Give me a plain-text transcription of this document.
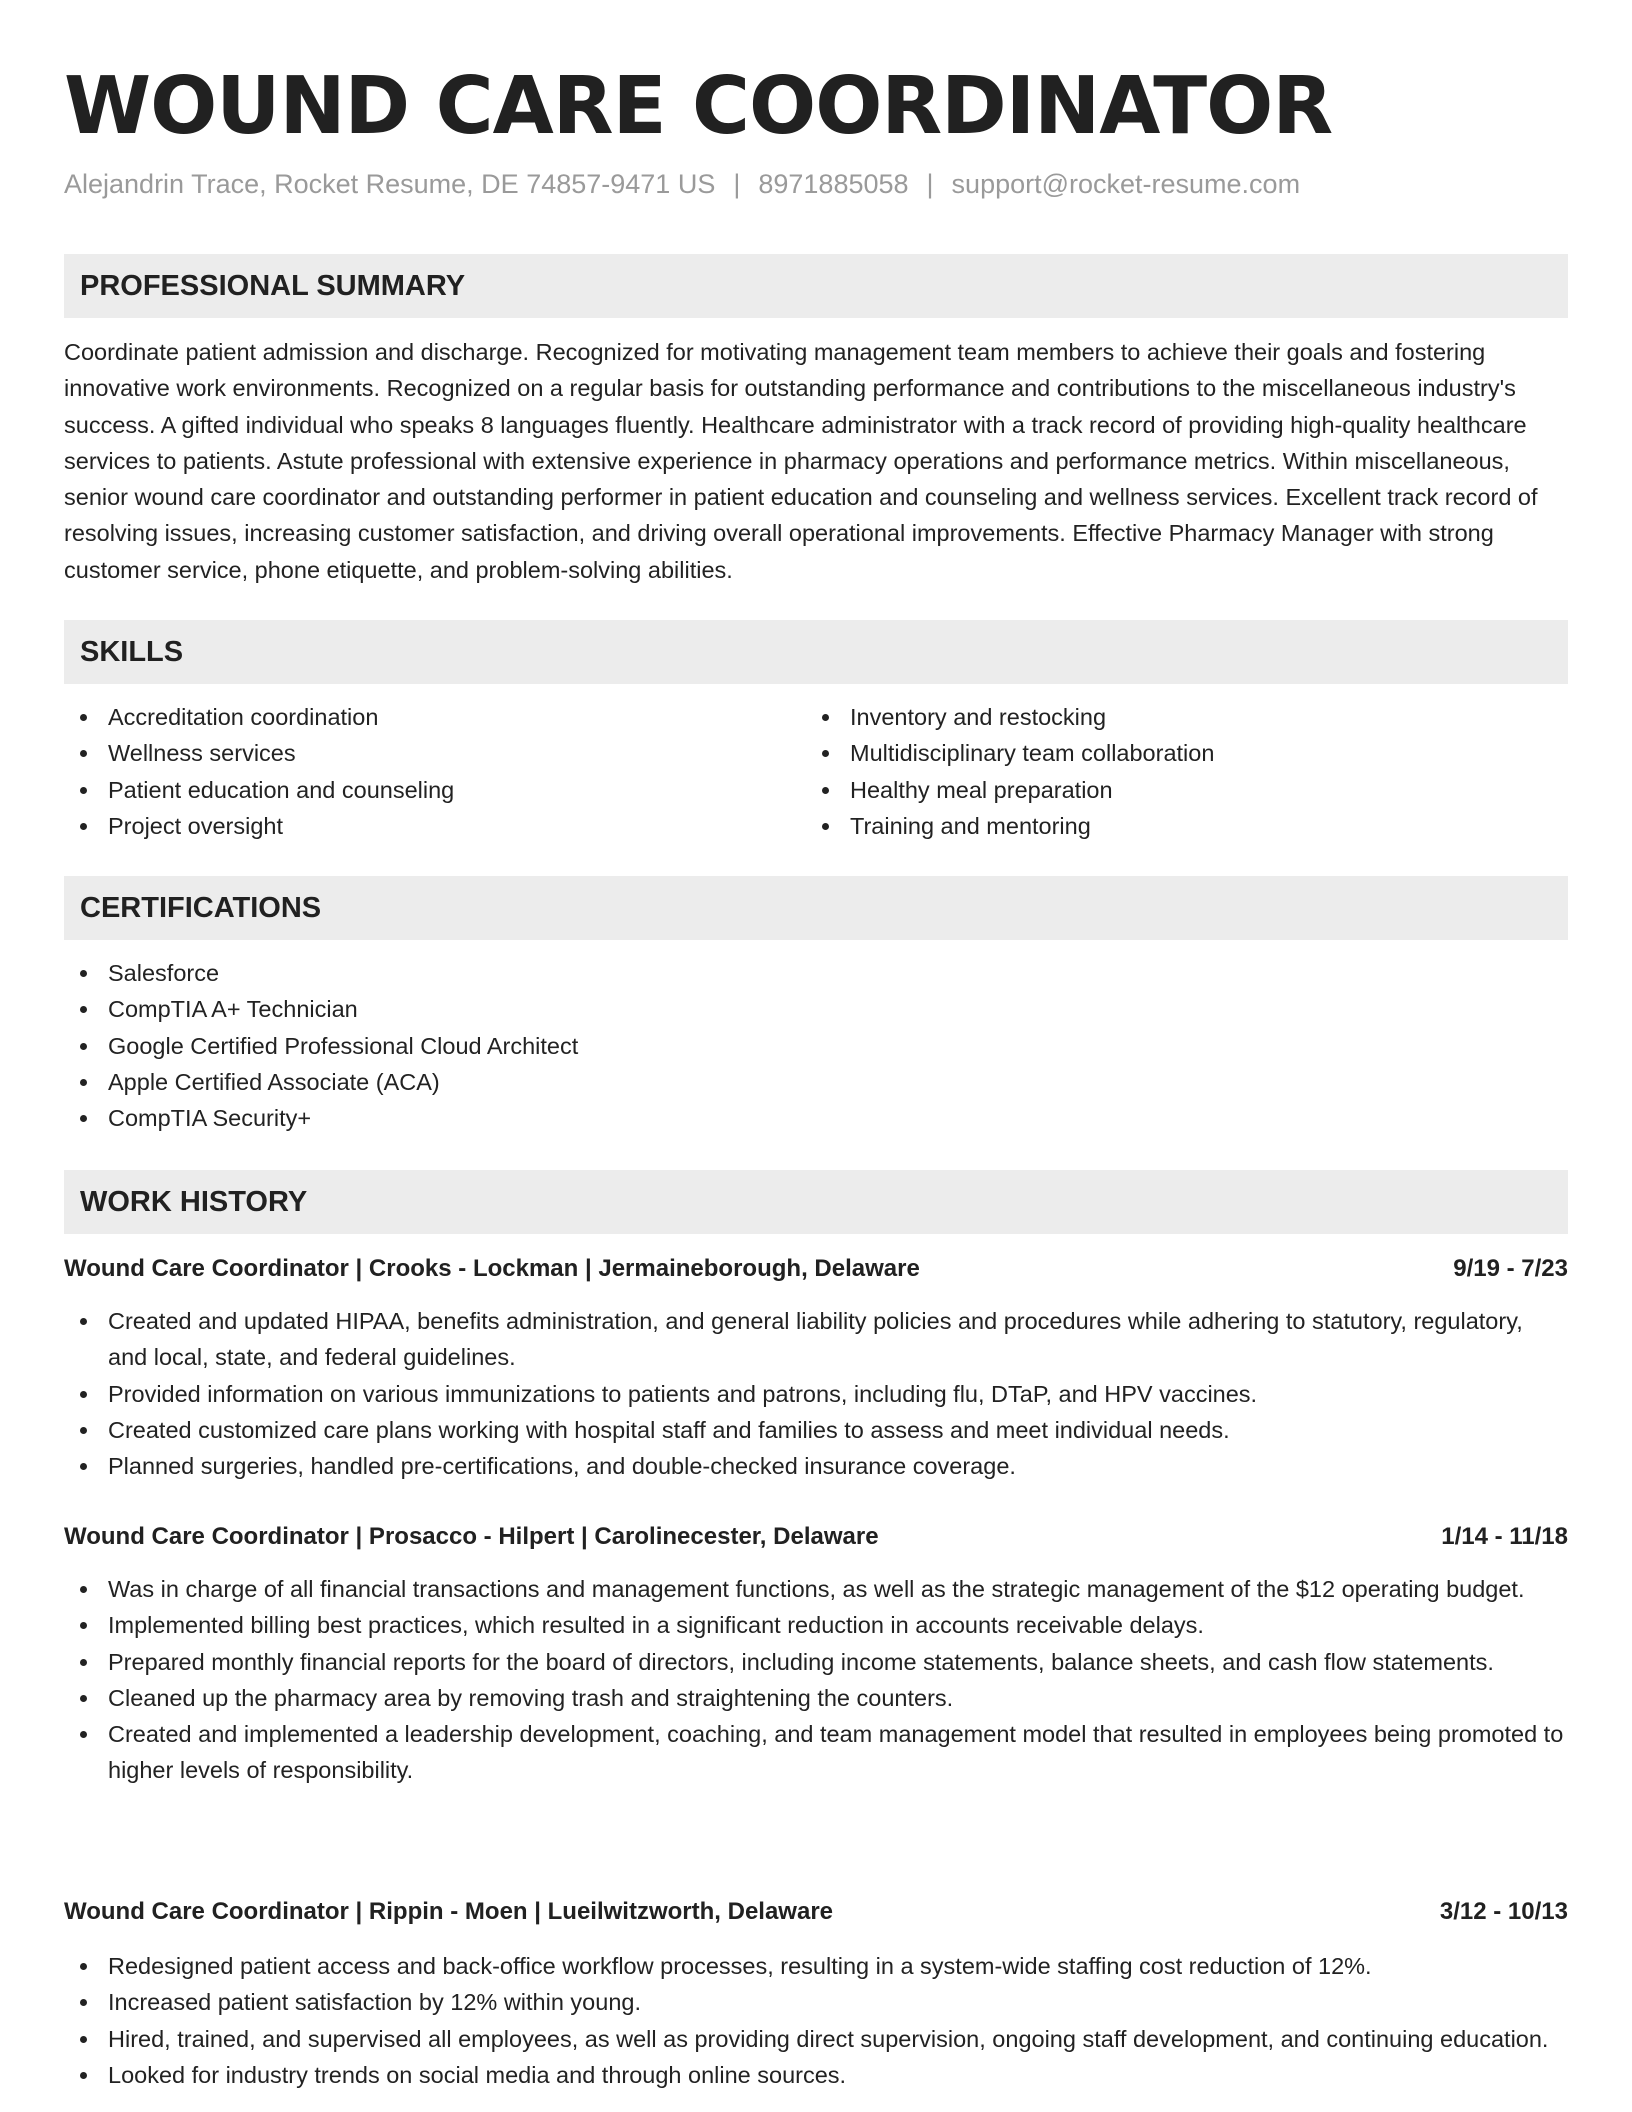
WOUND CARE COORDINATOR
Alejandrin Trace, Rocket Resume, DE 74857-9471 US | 8971885058 | support@rocket-resume.com
PROFESSIONAL SUMMARY
Coordinate patient admission and discharge. Recognized for motivating management team members to achieve their goals and fostering innovative work environments. Recognized on a regular basis for outstanding performance and contributions to the miscellaneous industry's success. A gifted individual who speaks 8 languages fluently. Healthcare administrator with a track record of providing high-quality healthcare services to patients. Astute professional with extensive experience in pharmacy operations and performance metrics. Within miscellaneous, senior wound care coordinator and outstanding performer in patient education and counseling and wellness services. Excellent track record of resolving issues, increasing customer satisfaction, and driving overall operational improvements. Effective Pharmacy Manager with strong customer service, phone etiquette, and problem-solving abilities.
SKILLS
Accreditation coordination
Wellness services
Patient education and counseling
Project oversight
Inventory and restocking
Multidisciplinary team collaboration
Healthy meal preparation
Training and mentoring
CERTIFICATIONS
Salesforce
CompTIA A+ Technician
Google Certified Professional Cloud Architect
Apple Certified Associate (ACA)
CompTIA Security+
WORK HISTORY
Wound Care Coordinator | Crooks - Lockman | Jermaineborough, Delaware	9/19 - 7/23
Created and updated HIPAA, benefits administration, and general liability policies and procedures while adhering to statutory, regulatory, and local, state, and federal guidelines.
Provided information on various immunizations to patients and patrons, including flu, DTaP, and HPV vaccines.
Created customized care plans working with hospital staff and families to assess and meet individual needs.
Planned surgeries, handled pre-certifications, and double-checked insurance coverage.
Wound Care Coordinator | Prosacco - Hilpert | Carolinecester, Delaware	1/14 - 11/18
Was in charge of all financial transactions and management functions, as well as the strategic management of the $12 operating budget.
Implemented billing best practices, which resulted in a significant reduction in accounts receivable delays.
Prepared monthly financial reports for the board of directors, including income statements, balance sheets, and cash flow statements.
Cleaned up the pharmacy area by removing trash and straightening the counters.
Created and implemented a leadership development, coaching, and team management model that resulted in employees being promoted to higher levels of responsibility.
Wound Care Coordinator | Rippin - Moen | Lueilwitzworth, Delaware	3/12 - 10/13
Redesigned patient access and back-office workflow processes, resulting in a system-wide staffing cost reduction of 12%.
Increased patient satisfaction by 12% within young.
Hired, trained, and supervised all employees, as well as providing direct supervision, ongoing staff development, and continuing education.
Looked for industry trends on social media and through online sources.
